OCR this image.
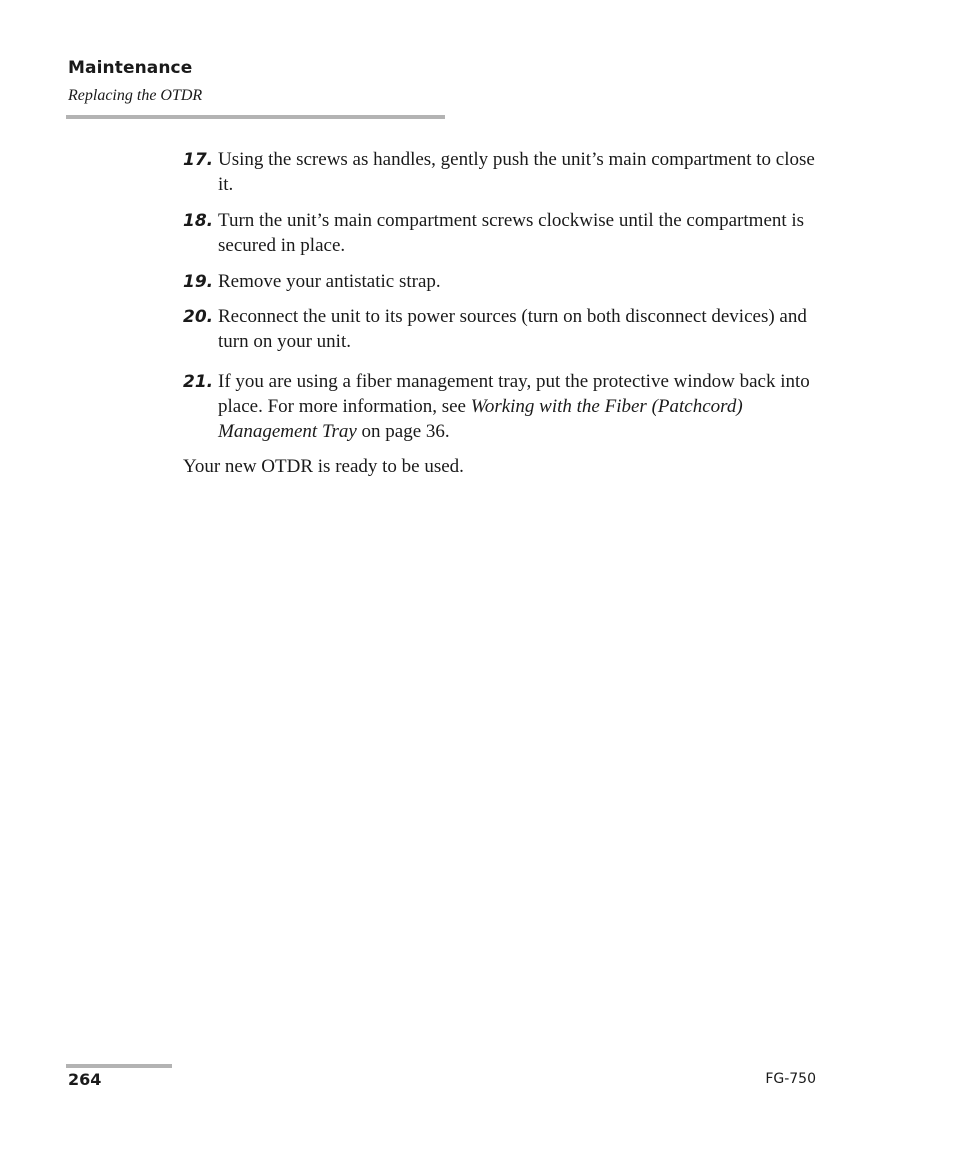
Maintenance
Replacing the OTDR
17. Using the screws as handles, gently push the unit’s main compartment to close it.
18. Turn the unit’s main compartment screws clockwise until the compartment is secured in place.
19. Remove your antistatic strap.
20. Reconnect the unit to its power sources (turn on both disconnect devices) and turn on your unit.
21. If you are using a fiber management tray, put the protective window back into place. For more information, see Working with the Fiber (Patchcord) Management Tray on page 36.
Your new OTDR is ready to be used.
264	FG-750
